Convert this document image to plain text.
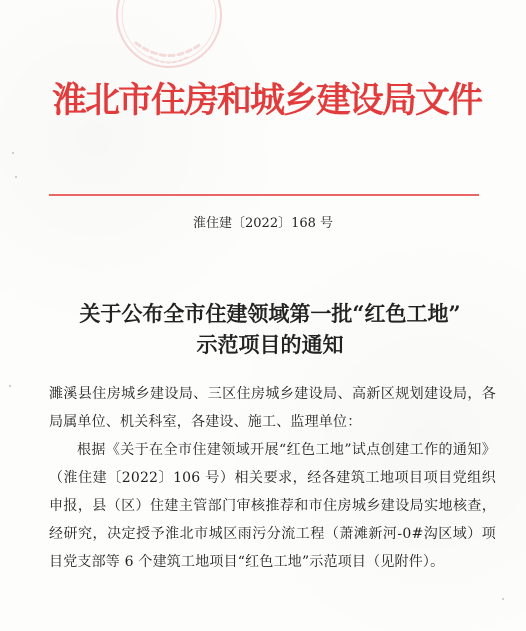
淮北市住房和城乡建设局文件
淮住建〔2022〕168 号
关于公布全市住建领域第一批“红色工地”
示范项目的通知

濉溪县住房城乡建设局、三区住房城乡建设局、高新区规划建设局，各局属单位、机关科室，各建设、施工、监理单位：

根据《关于在全市住建领域开展“红色工地”试点创建工作的通知》（淮住建〔2022〕106 号）相关要求，经各建筑工地项目项目党组织申报，县（区）住建主管部门审核推荐和市住房城乡建设局实地核查，经研究，决定授予淮北市城区雨污分流工程（萧滩新河-0#沟区域）项目党支部等 6 个建筑工地项目“红色工地”示范项目（见附件）。
